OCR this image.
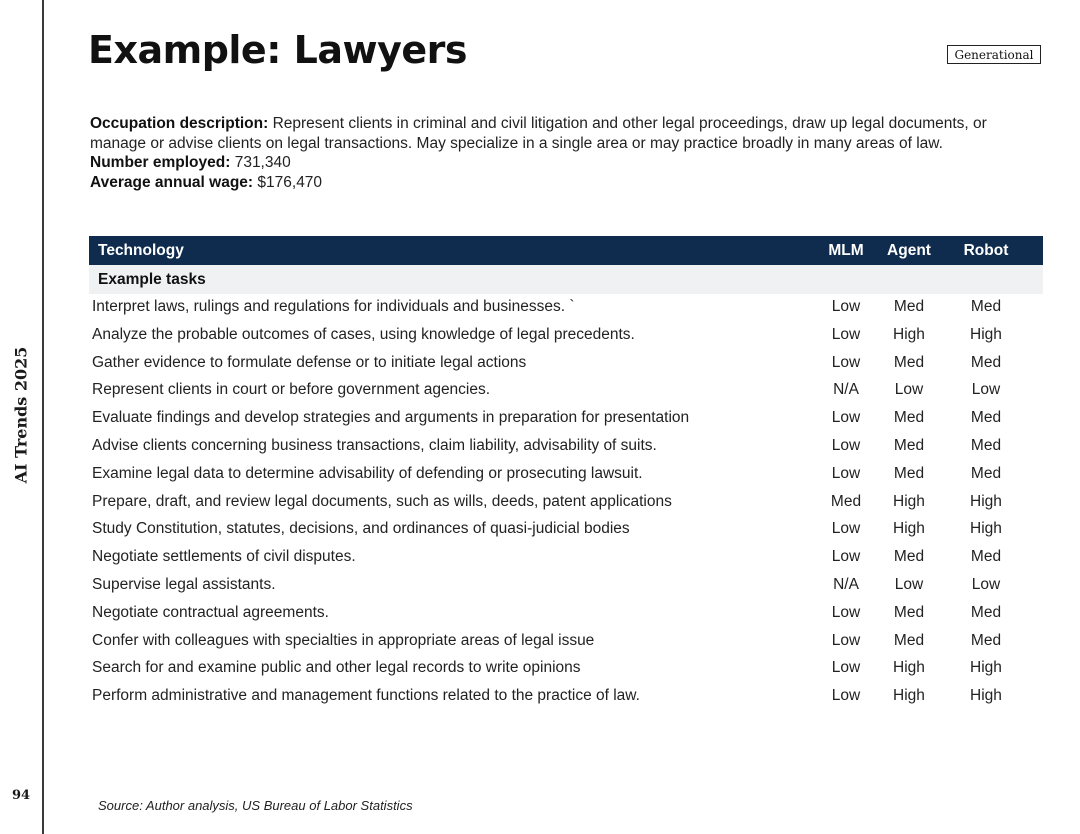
AI Trends 2025
94
Example: Lawyers	Generational
Occupation description: Represent clients in criminal and civil litigation and other legal proceedings, draw up legal documents, or manage or advise clients on legal transactions. May specialize in a single area or may practice broadly in many areas of law.
Number employed: 731,340
Average annual wage: $176,470
Technology	MLM	Agent	Robot
Example tasks
Interpret laws, rulings and regulations for individuals and businesses. `	Low	Med	Med
Analyze the probable outcomes of cases, using knowledge of legal precedents.	Low	High	High
Gather evidence to formulate defense or to initiate legal actions	Low	Med	Med
Represent clients in court or before government agencies.	N/A	Low	Low
Evaluate findings and develop strategies and arguments in preparation for presentation	Low	Med	Med
Advise clients concerning business transactions, claim liability, advisability of suits.	Low	Med	Med
Examine legal data to determine advisability of defending or prosecuting lawsuit.	Low	Med	Med
Prepare, draft, and review legal documents, such as wills, deeds, patent applications	Med	High	High
Study Constitution, statutes, decisions, and ordinances of quasi-judicial bodies	Low	High	High
Negotiate settlements of civil disputes.	Low	Med	Med
Supervise legal assistants.	N/A	Low	Low
Negotiate contractual agreements.	Low	Med	Med
Confer with colleagues with specialties in appropriate areas of legal issue	Low	Med	Med
Search for and examine public and other legal records to write opinions	Low	High	High
Perform administrative and management functions related to the practice of law.	Low	High	High
Source: Author analysis, US Bureau of Labor Statistics
